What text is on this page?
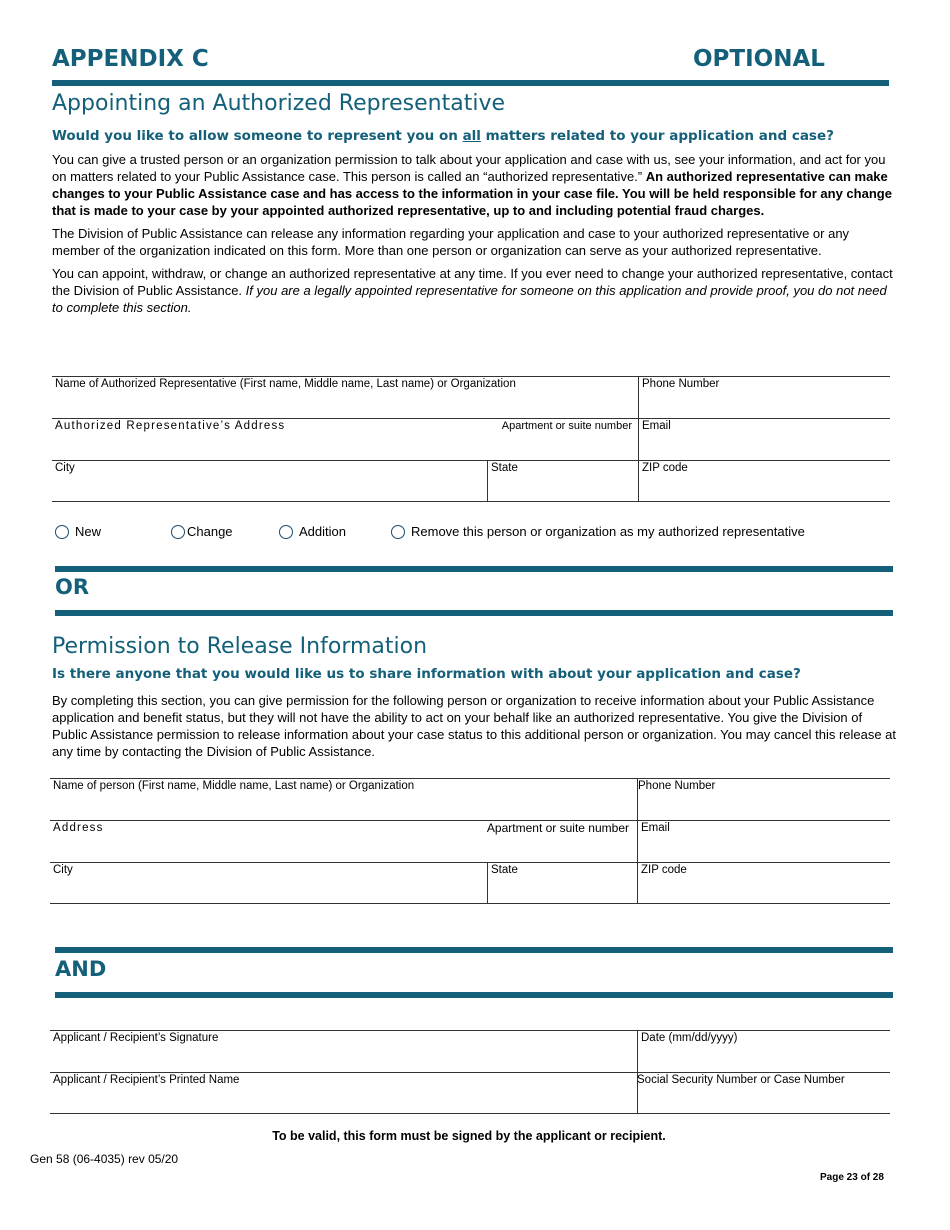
APPENDIX C	OPTIONAL
Appointing an Authorized Representative
Would you like to allow someone to represent you on all matters related to your application and case?

You can give a trusted person or an organization permission to talk about your application and case with us, see your information, and act for you on matters related to your Public Assistance case. This person is called an “authorized representative.” An authorized representative can make changes to your Public Assistance case and has access to the information in your case file. You will be held responsible for any change that is made to your case by your appointed authorized representative, up to and including potential fraud charges.

The Division of Public Assistance can release any information regarding your application and case to your authorized representative or any member of the organization indicated on this form. More than one person or organization can serve as your authorized representative.

You can appoint, withdraw, or change an authorized representative at any time. If you ever need to change your authorized representative, contact the Division of Public Assistance. If you are a legally appointed representative for someone on this application and provide proof, you do not need to complete this section.

Name of Authorized Representative (First name, Middle name, Last name) or Organization	Phone Number
Authorized Representative’s Address	Apartment or suite number Email
City	State	ZIP code
New	Change	Addition	Remove this person or organization as my authorized representative
OR
Permission to Release Information
Is there anyone that you would like us to share information with about your application and case?

By completing this section, you can give permission for the following person or organization to receive information about your Public Assistance application and benefit status, but they will not have the ability to act on your behalf like an authorized representative. You give the Division of Public Assistance permission to release information about your case status to this additional person or organization. You may cancel this release at any time by contacting the Division of Public Assistance.

Name of person (First name, Middle name, Last name) or Organization	Phone Number
Address	Apartment or suite number Email
City	State	ZIP code
AND
Applicant / Recipient’s Signature	Date (mm/dd/yyyy)
Applicant / Recipient’s Printed Name	Social Security Number or Case Number
To be valid, this form must be signed by the applicant or recipient.
Gen 58 (06-4035) rev 05/20
Page 23 of 28
